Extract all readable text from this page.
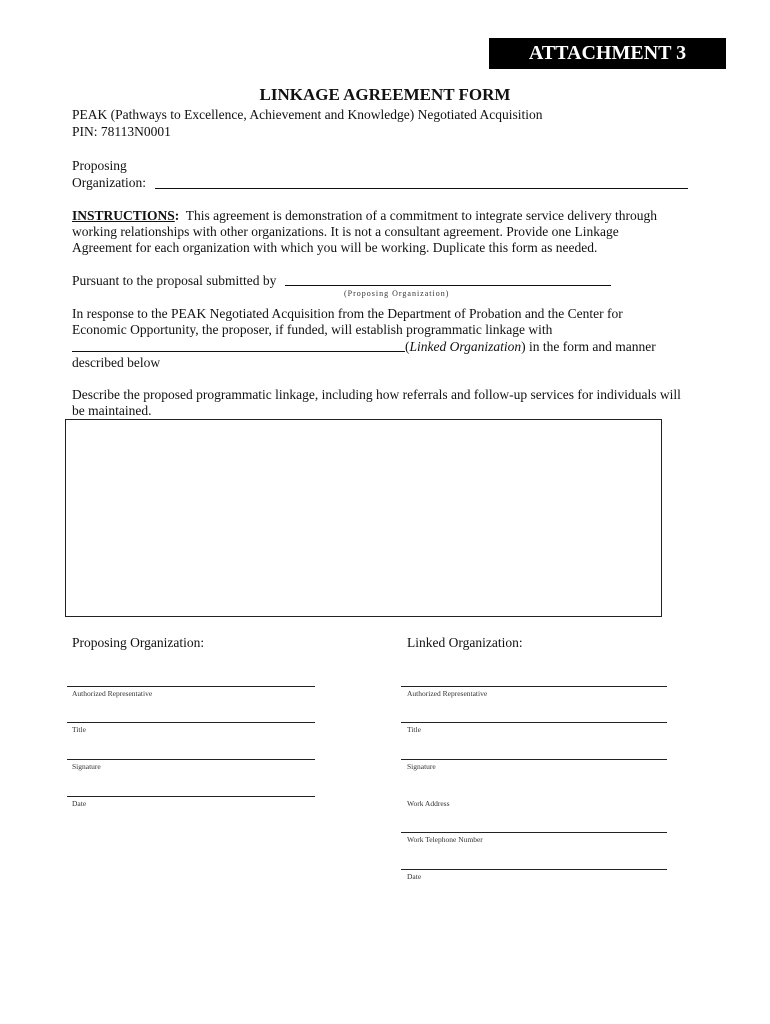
ATTACHMENT 3
LINKAGE AGREEMENT FORM
PEAK (Pathways to Excellence, Achievement and Knowledge) Negotiated Acquisition
PIN: 78113N0001
Proposing
Organization:
INSTRUCTIONS: This agreement is demonstration of a commitment to integrate service delivery through
working relationships with other organizations. It is not a consultant agreement. Provide one Linkage
Agreement for each organization with which you will be working. Duplicate this form as needed.
Pursuant to the proposal submitted by
(Proposing Organization)
In response to the PEAK Negotiated Acquisition from the Department of Probation and the Center for
Economic Opportunity, the proposer, if funded, will establish programmatic linkage with
(Linked Organization) in the form and manner
described below
Describe the proposed programmatic linkage, including how referrals and follow-up services for individuals will
be maintained.
Proposing Organization:	Linked Organization:
Authorized Representative
Title
Signature
Date
Authorized Representative
Title
Signature
Work Address
Work Telephone Number
Date
